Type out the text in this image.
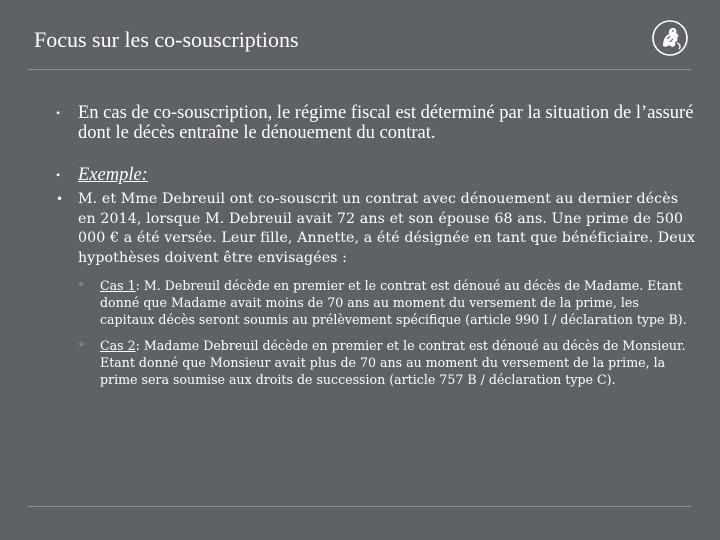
Focus sur les co-souscriptions
• En cas de co-souscription, le régime fiscal est déterminé par la situation de l’assuré dont le décès entraîne le dénouement du contrat.
• Exemple:
• M. et Mme Debreuil ont co-souscrit un contrat avec dénouement au dernier décès en 2014, lorsque M. Debreuil avait 72 ans et son épouse 68 ans. Une prime de 500 000 € a été versée. Leur fille, Annette, a été désignée en tant que bénéficiaire. Deux hypothèses doivent être envisagées :
◦ Cas 1: M. Debreuil décède en premier et le contrat est dénoué au décès de Madame. Etant donné que Madame avait moins de 70 ans au moment du versement de la prime, les capitaux décès seront soumis au prélèvement spécifique (article 990 I / déclaration type B).
◦ Cas 2: Madame Debreuil décède en premier et le contrat est dénoué au décès de Monsieur. Etant donné que Monsieur avait plus de 70 ans au moment du versement de la prime, la prime sera soumise aux droits de succession (article 757 B / déclaration type C).
